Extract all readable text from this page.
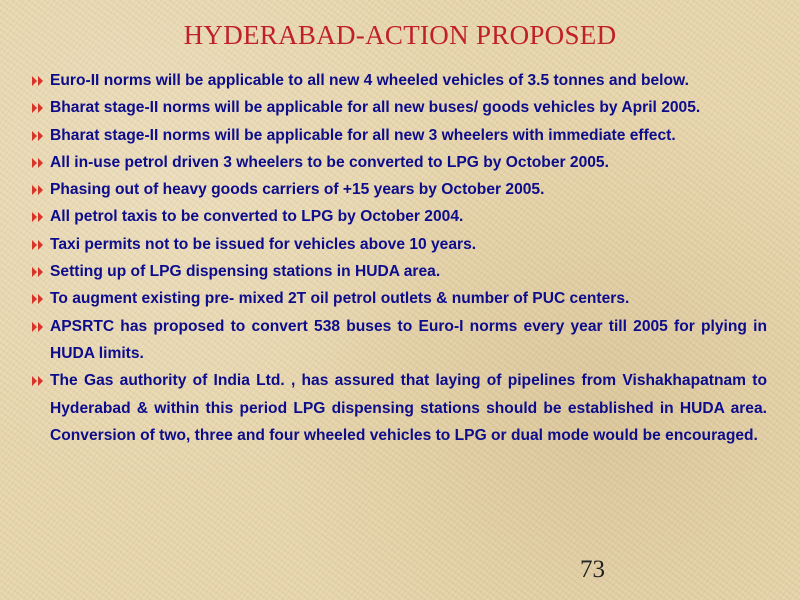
HYDERABAD-ACTION PROPOSED
Euro-II norms will be applicable to all new 4 wheeled vehicles of 3.5 tonnes and below.
Bharat stage-II norms will be applicable for all new buses/ goods vehicles by April 2005.
Bharat stage-II norms will be applicable for all new 3 wheelers with immediate effect.
All in-use petrol driven 3 wheelers to be converted to LPG by October 2005.
Phasing out of heavy goods carriers of +15 years by October 2005.
All petrol taxis to be converted to LPG by October 2004.
Taxi permits not to be issued for vehicles above 10 years.
Setting up of LPG dispensing stations in HUDA area.
To augment existing pre- mixed 2T oil petrol outlets & number of PUC centers.
APSRTC has proposed to convert 538 buses to Euro-I norms every year till 2005 for plying in HUDA limits.
The Gas authority of India Ltd. , has assured that laying of pipelines from Vishakhapatnam to Hyderabad & within this period LPG dispensing stations should be established in HUDA area. Conversion of two, three and four wheeled vehicles to LPG or dual mode would be encouraged.
73
